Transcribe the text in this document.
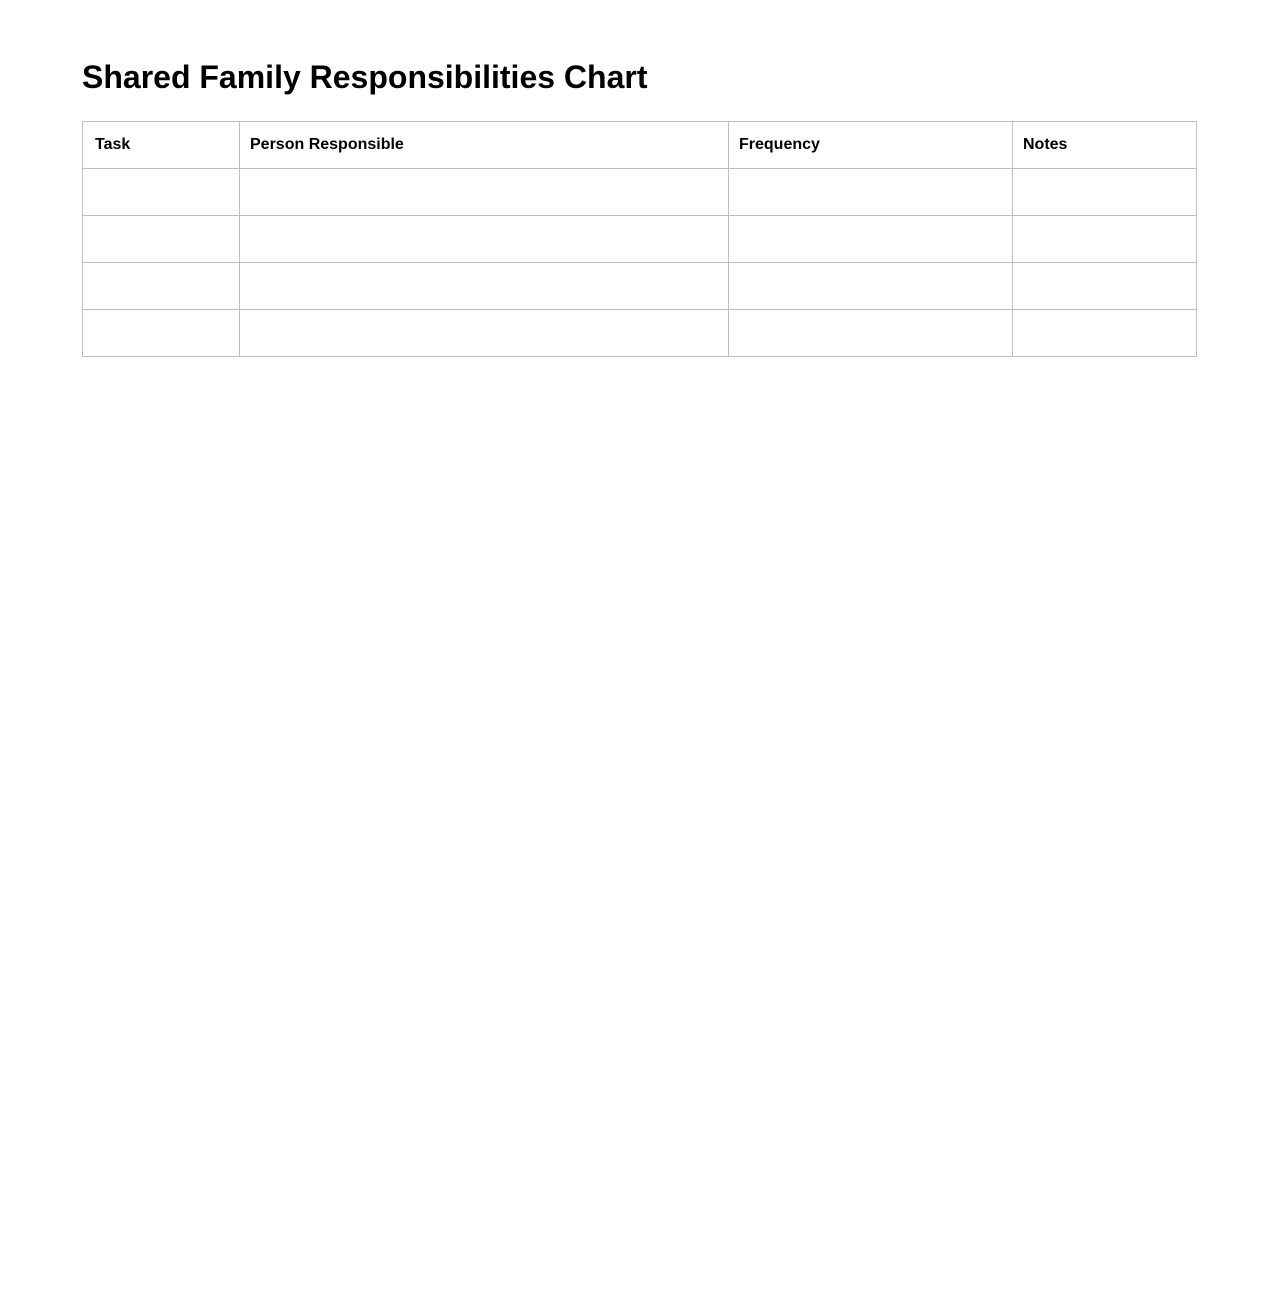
Shared Family Responsibilities Chart
Task	Person Responsible	Frequency	Notes
